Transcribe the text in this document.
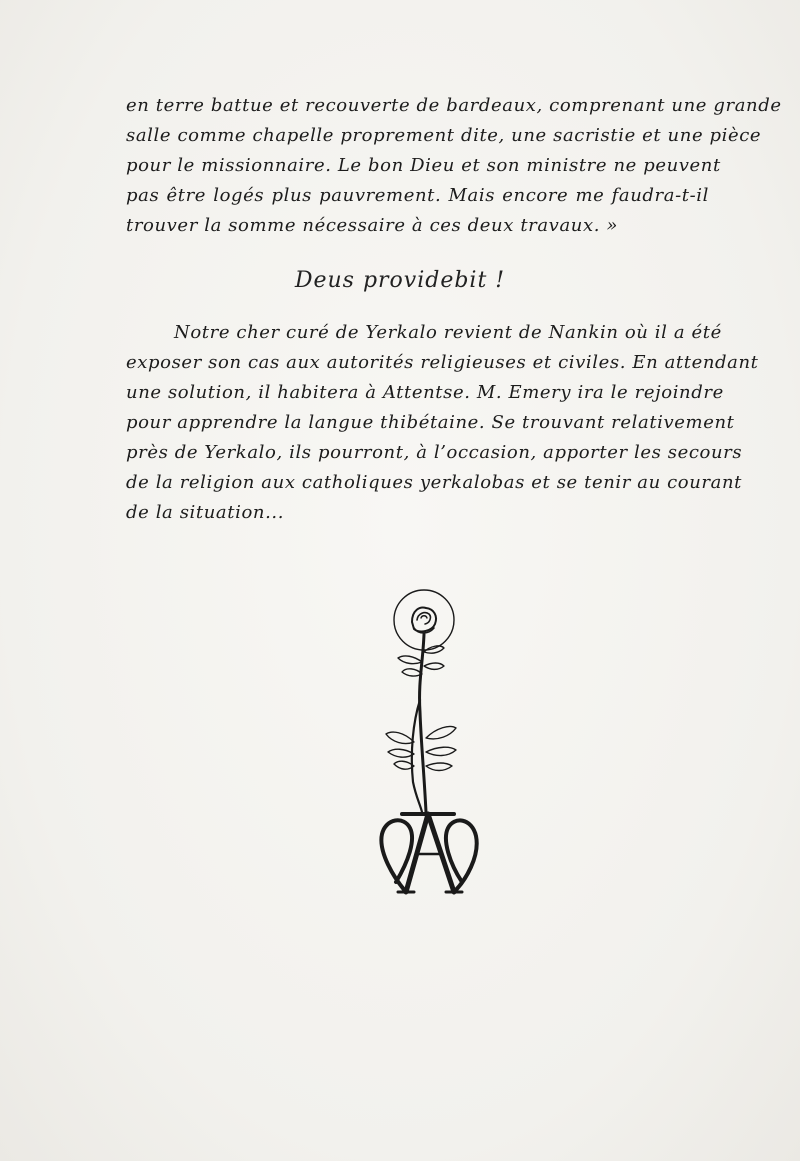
en terre battue et recouverte de bardeaux, comprenant une grande
salle comme chapelle proprement dite, une sacristie et une pièce
pour le missionnaire. Le bon Dieu et son ministre ne peuvent
pas être logés plus pauvrement. Mais encore me faudra-t-il
trouver la somme nécessaire à ces deux travaux. »
Deus providebit !
Notre cher curé de Yerkalo revient de Nankin où il a été
exposer son cas aux autorités religieuses et civiles. En attendant
une solution, il habitera à Attentse. M. Emery ira le rejoindre
pour apprendre la langue thibétaine. Se trouvant relativement
près de Yerkalo, ils pourront, à l’occasion, apporter les secours
de la religion aux catholiques yerkalobas et se tenir au courant
de la situation...
